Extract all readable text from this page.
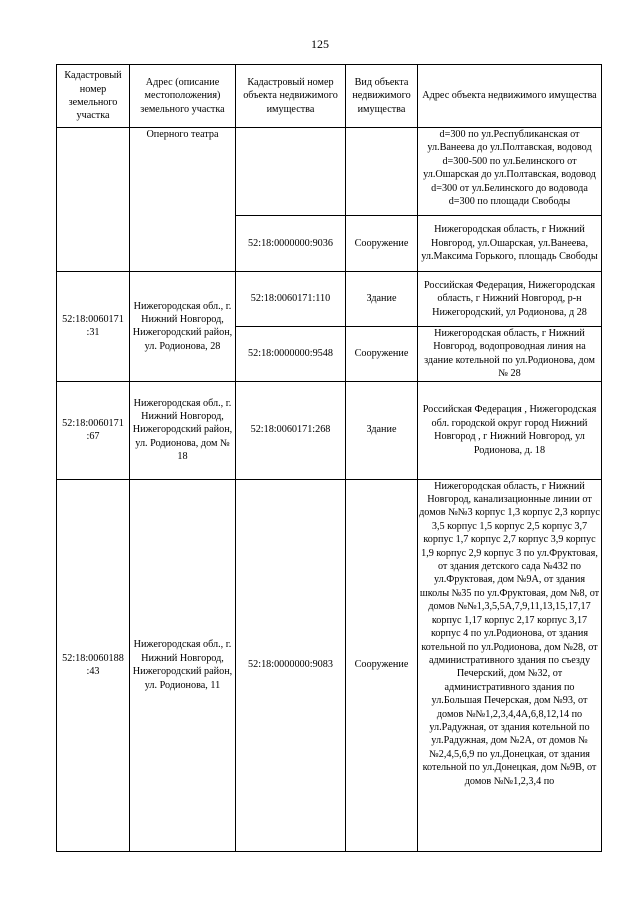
125
Кадастровый номер земельного участка	Адрес (описание местоположения) земельного участка	Кадастровый номер объекта недвижимого имущества	Вид объекта недвижимого имущества	Адрес объекта недвижимого имущества
	Оперного театра			d=300 по ул.Республиканская от ул.Ванеева до ул.Полтавская, водовод d=300-500 по ул.Белинского от ул.Ошарская до ул.Полтавская, водовод d=300 от ул.Белинского до водовода d=300 по площади Свободы
		52:18:0000000:9036	Сооружение	Нижегородская область, г Нижний Новгород, ул.Ошарская, ул.Ванеева, ул.Максима Горького, площадь Свободы
52:18:0060171 :31	Нижегородская обл., г. Нижний Новгород, Нижегородский район, ул. Родионова, 28	52:18:0060171:110	Здание	Российская Федерация, Нижегородская область, г Нижний Новгород, р-н Нижегородский, ул Родионова, д 28
		52:18:0000000:9548	Сооружение	Нижегородская область, г Нижний Новгород, водопроводная линия на здание котельной по ул.Родионова, дом № 28
52:18:0060171 :67	Нижегородская обл., г. Нижний Новгород, Нижегородский район, ул. Родионова, дом № 18	52:18:0060171:268	Здание	Российская Федерация , Нижегородская обл. городской округ город Нижний Новгород , г Нижний Новгород, ул Родионова, д. 18
52:18:0060188 :43	Нижегородская обл., г. Нижний Новгород, Нижегородский район, ул. Родионова, 11	52:18:0000000:9083	Сооружение	Нижегородская область, г Нижний Новгород, канализационные линии от домов №№3 корпус 1,3 корпус 2,3 корпус 3,5 корпус 1,5 корпус 2,5 корпус 3,7 корпус 1,7 корпус 2,7 корпус 3,9 корпус 1,9 корпус 2,9 корпус 3 по ул.Фруктовая, от здания детского сада №432 по ул.Фруктовая, дом №9А, от здания школы №35 по ул.Фруктовая, дом №8, от домов №№1,3,5,5А,7,9,11,13,15,17,17 корпус 1,17 корпус 2,17 корпус 3,17 корпус 4 по ул.Родионова, от здания котельной по ул.Родионова, дом №28, от административного здания по съезду Печерский, дом №32, от административного здания по ул.Большая Печерская, дом №93, от домов №№1,2,3,4,4А,6,8,12,14 по ул.Радужная, от здания котельной по ул.Радужная, дом №2А, от домов №№2,4,5,6,9 по ул.Донецкая, от здания котельной по ул.Донецкая, дом №9В, от домов №№1,2,3,4 по
